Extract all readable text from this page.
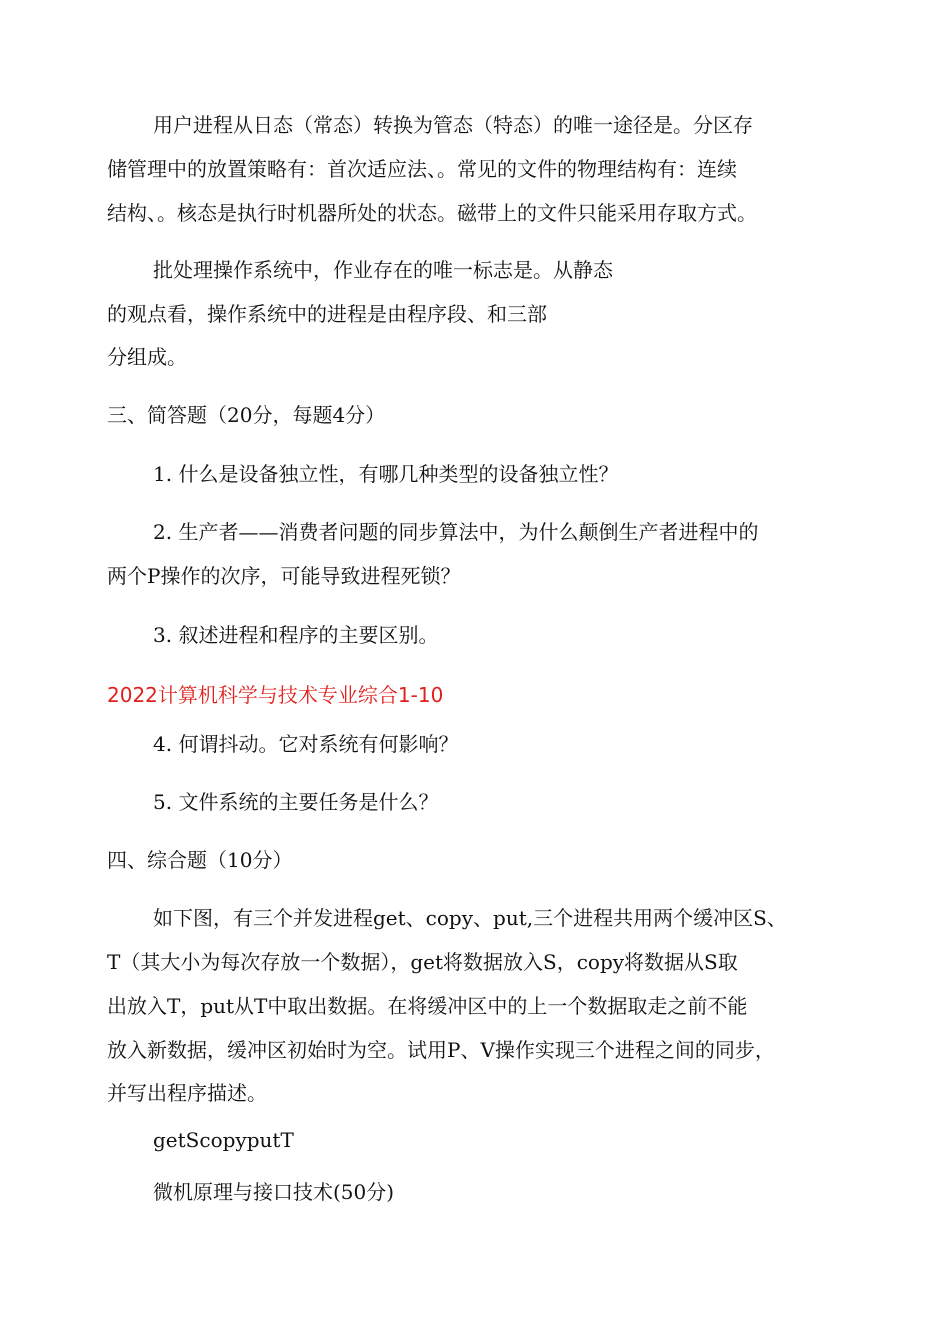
用户进程从日态（常态）转换为管态（特态）的唯一途径是。分区存

储管理中的放置策略有：首次适应法、。常见的文件的物理结构有：连续

结构、。核态是执行时机器所处的状态。磁带上的文件只能采用存取方式。

批处理操作系统中，作业存在的唯一标志是。从静态

的观点看，操作系统中的进程是由程序段、和三部

分组成。

三、简答题（20分，每题4分）

1. 什么是设备独立性，有哪几种类型的设备独立性？

2. 生产者——消费者问题的同步算法中，为什么颠倒生产者进程中的

两个P操作的次序，可能导致进程死锁？

3. 叙述进程和程序的主要区别。

2022计算机科学与技术专业综合1-10

4. 何谓抖动。它对系统有何影响？

5. 文件系统的主要任务是什么？

四、综合题（10分）

如下图，有三个并发进程get、copy、put,三个进程共用两个缓冲区S、

T（其大小为每次存放一个数据），get将数据放入S，copy将数据从S取

出放入T，put从T中取出数据。在将缓冲区中的上一个数据取走之前不能

放入新数据，缓冲区初始时为空。试用P、V操作实现三个进程之间的同步，

并写出程序描述。

getScopyputT

微机原理与接口技术(50分)
